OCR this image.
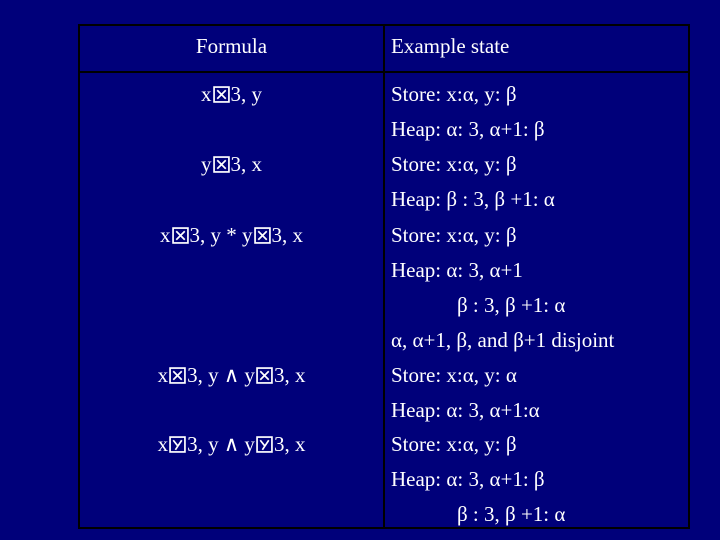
Formula	Example state
x 3, y	Store: x:α, y: β
Heap: α: 3, α+1: β
y 3, x	Store: x:α, y: β
Heap: β : 3, β +1: α
x 3, y * y 3, x	Store: x:α, y: β
Heap: α: 3, α+1
β : 3, β +1: α
α, α+1, β, and β+1 disjoint
x 3, y ∧ y 3, x	Store: x:α, y: α
Heap: α: 3, α+1:α
x 3, y ∧ y 3, x	Store: x:α, y: β
Heap: α: 3, α+1: β
β : 3, β +1: α
